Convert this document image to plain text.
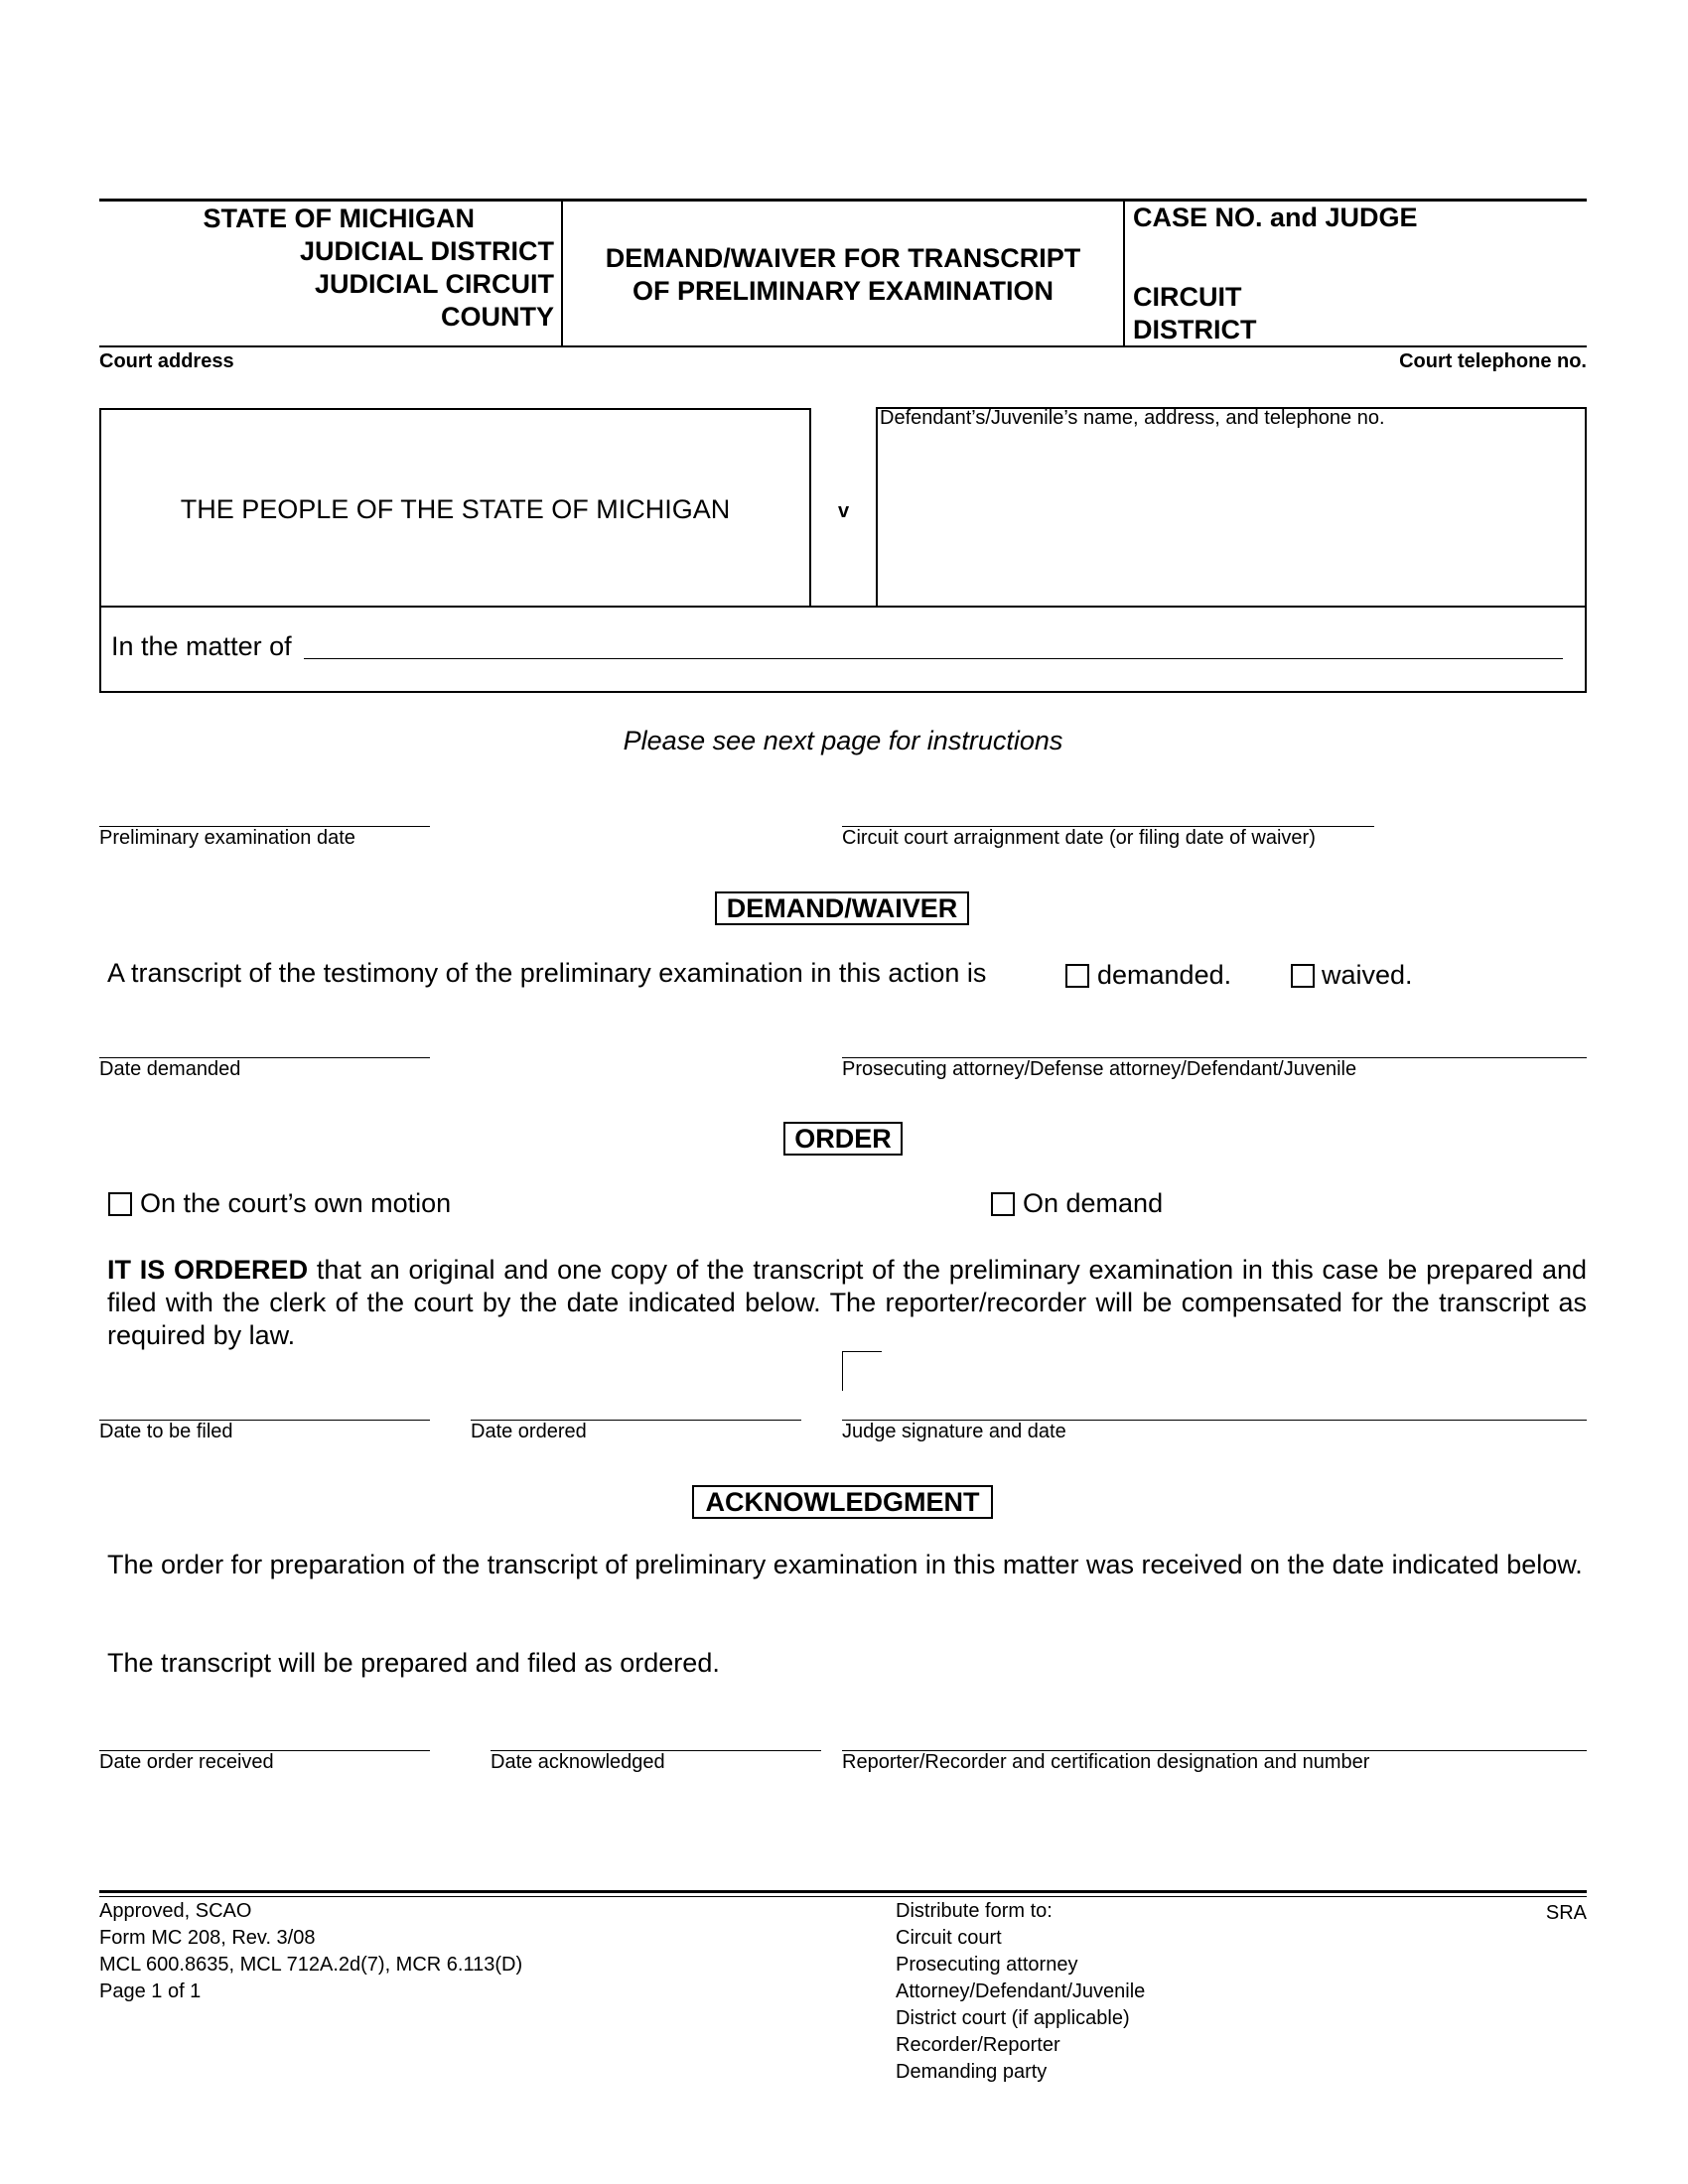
STATE OF MICHIGAN
JUDICIAL DISTRICT
JUDICIAL CIRCUIT
COUNTY
DEMAND/WAIVER FOR TRANSCRIPT
OF PRELIMINARY EXAMINATION
CASE NO. and JUDGE
CIRCUIT
DISTRICT
Court address	Court telephone no.
THE PEOPLE OF THE STATE OF MICHIGAN	v
Defendant’s/Juvenile’s name, address, and telephone no.
In the matter of
Please see next page for instructions
Preliminary examination date	Circuit court arraignment date (or filing date of waiver)
DEMAND/WAIVER
A transcript of the testimony of the preliminary examination in this action is	demanded.	waived.
Date demanded	Prosecuting attorney/Defense attorney/Defendant/Juvenile
ORDER
On the court’s own motion	On demand
IT IS ORDERED that an original and one copy of the transcript of the preliminary examination in this case be prepared and filed with the clerk of the court by the date indicated below. The reporter/recorder will be compensated for the transcript as required by law.
Date to be filed	Date ordered	Judge signature and date
ACKNOWLEDGMENT
The order for preparation of the transcript of preliminary examination in this matter was received on the date indicated below.
The transcript will be prepared and filed as ordered.
Date order received	Date acknowledged	Reporter/Recorder and certification designation and number
Approved, SCAO
Form MC 208, Rev. 3/08
MCL 600.8635, MCL 712A.2d(7), MCR 6.113(D)
Page 1 of 1
Distribute form to:
Circuit court
Prosecuting attorney
Attorney/Defendant/Juvenile
District court (if applicable)
Recorder/Reporter
Demanding party
SRA
